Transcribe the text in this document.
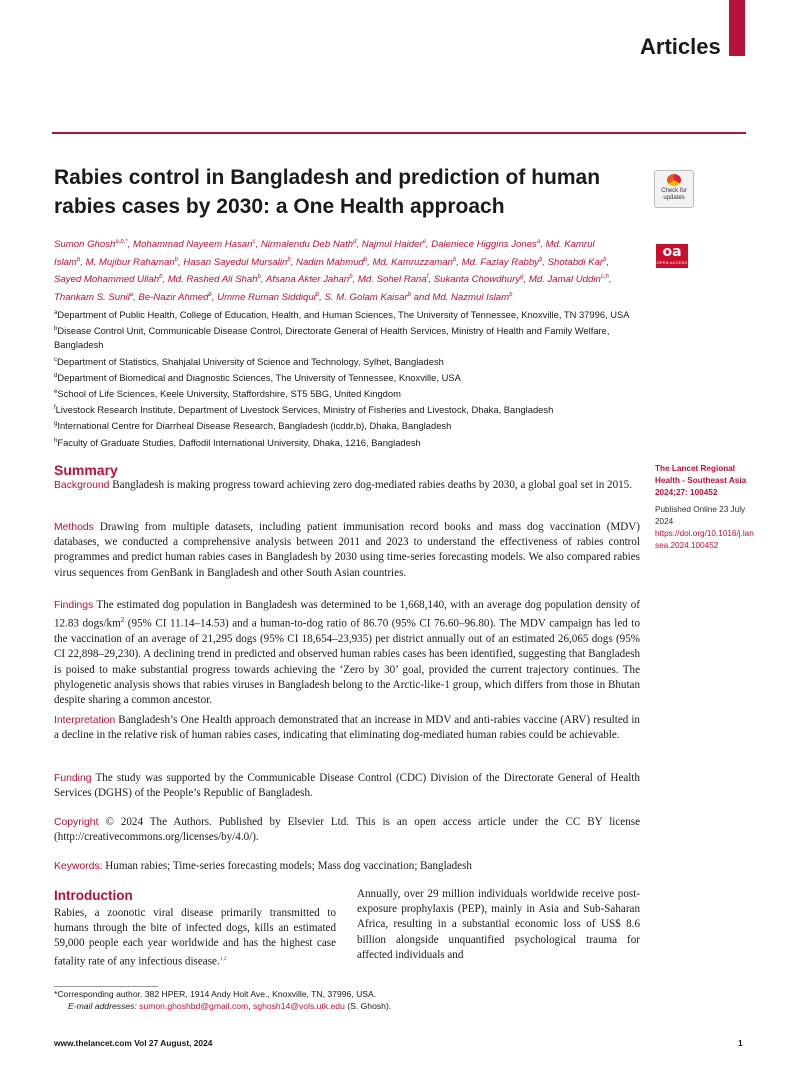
Articles
Rabies control in Bangladesh and prediction of human rabies cases by 2030: a One Health approach
Check for updates
oa
OPEN ACCESS
Sumon Ghosh$^{a,b,*}$, Mohammad Nayeem Hasan$^c$, Nirmalendu Deb Nath$^d$, Najmul Haider$^e$, Daleniece Higgins Jones$^a$, Md. Kamrul Islam$^b$, M. Mujibur Rahaman$^b$, Hasan Sayedul Mursalin$^b$, Nadim Mahmud$^b$, Md. Kamruzzaman$^b$, Md. Fazlay Rabby$^b$, Shotabdi Kar$^b$, Sayed Mohammed Ullah$^b$, Md. Rashed Ali Shah$^b$, Afsana Akter Jahan$^b$, Md. Sohel Rana$^f$, Sukanta Chowdhury$^g$, Md. Jamal Uddin$^{c,h}$, Thankam S. Sunil$^a$, Be-Nazir Ahmed$^b$, Umme Ruman Siddiqui$^b$, S. M. Golam Kaisar$^b$ and Md. Nazmul Islam$^b$

$^a$Department of Public Health, College of Education, Health, and Human Sciences, The University of Tennessee, Knoxville, TN 37996, USA

$^b$Disease Control Unit, Communicable Disease Control, Directorate General of Health Services, Ministry of Health and Family Welfare, Bangladesh

$^c$Department of Statistics, Shahjalal University of Science and Technology, Sylhet, Bangladesh

$^d$Department of Biomedical and Diagnostic Sciences, The University of Tennessee, Knoxville, USA

$^e$School of Life Sciences, Keele University, Staffordshire, ST5 5BG, United Kingdom

$^f$Livestock Research Institute, Department of Livestock Services, Ministry of Fisheries and Livestock, Dhaka, Bangladesh

$^g$International Centre for Diarrheal Disease Research, Bangladesh (icddr,b), Dhaka, Bangladesh

$^h$Faculty of Graduate Studies, Daffodil International University, Dhaka, 1216, Bangladesh

Summary

Background Bangladesh is making progress toward achieving zero dog-mediated rabies deaths by 2030, a global goal set in 2015.

Methods Drawing from multiple datasets, including patient immunisation record books and mass dog vaccination (MDV) databases, we conducted a comprehensive analysis between 2011 and 2023 to understand the effectiveness of rabies control programmes and predict human rabies cases in Bangladesh by 2030 using time-series forecasting models. We also compared rabies virus sequences from GenBank in Bangladesh and other South Asian countries.

Findings The estimated dog population in Bangladesh was determined to be 1,668,140, with an average dog population density of 12.83 dogs/$km^2$ (95% CI 11.14–14.53) and a human-to-dog ratio of 86.70 (95% CI 76.60–96.80). The MDV campaign has led to the vaccination of an average of 21,295 dogs (95% CI 18,654–23,935) per district annually out of an estimated 26,065 dogs (95% CI 22,898–29,230). A declining trend in predicted and observed human rabies cases has been identified, suggesting that Bangladesh is poised to make substantial progress towards achieving the ‘Zero by 30’ goal, provided the current trajectory continues. The phylogenetic analysis shows that rabies viruses in Bangladesh belong to the Arctic-like-1 group, which differs from those in Bhutan despite sharing a common ancestor.

Interpretation Bangladesh’s One Health approach demonstrated that an increase in MDV and anti-rabies vaccine (ARV) resulted in a decline in the relative risk of human rabies cases, indicating that eliminating dog-mediated human rabies could be achievable.

Funding The study was supported by the Communicable Disease Control (CDC) Division of the Directorate General of Health Services (DGHS) of the People’s Republic of Bangladesh.

Copyright © 2024 The Authors. Published by Elsevier Ltd. This is an open access article under the CC BY license (http://creativecommons.org/licenses/by/4.0/).

Keywords: Human rabies; Time-series forecasting models; Mass dog vaccination; Bangladesh

The Lancet Regional Health - Southeast Asia 2024;27: 100452

Published Online 23 July 2024

https://doi.org/10.1016/j.lansea.2024.100452

Introduction

Rabies, a zoonotic viral disease primarily transmitted to humans through the bite of infected dogs, kills an estimated 59,000 people each year worldwide and has the highest case fatality rate of any infectious disease.$^{1,2}$

Annually, over 29 million individuals worldwide receive post-exposure prophylaxis (PEP), mainly in Asia and Sub-Saharan Africa, resulting in a substantial economic loss of US$ 8.6 billion alongside unquantified psychological trauma for affected individuals and

*Corresponding author. 382 HPER, 1914 Andy Holt Ave., Knoxville, TN, 37996, USA.
E-mail addresses: sumon.ghoshbd@gmail.com, sghosh14@vols.utk.edu (S. Ghosh).

www.thelancet.com Vol 27 August, 2024	1
